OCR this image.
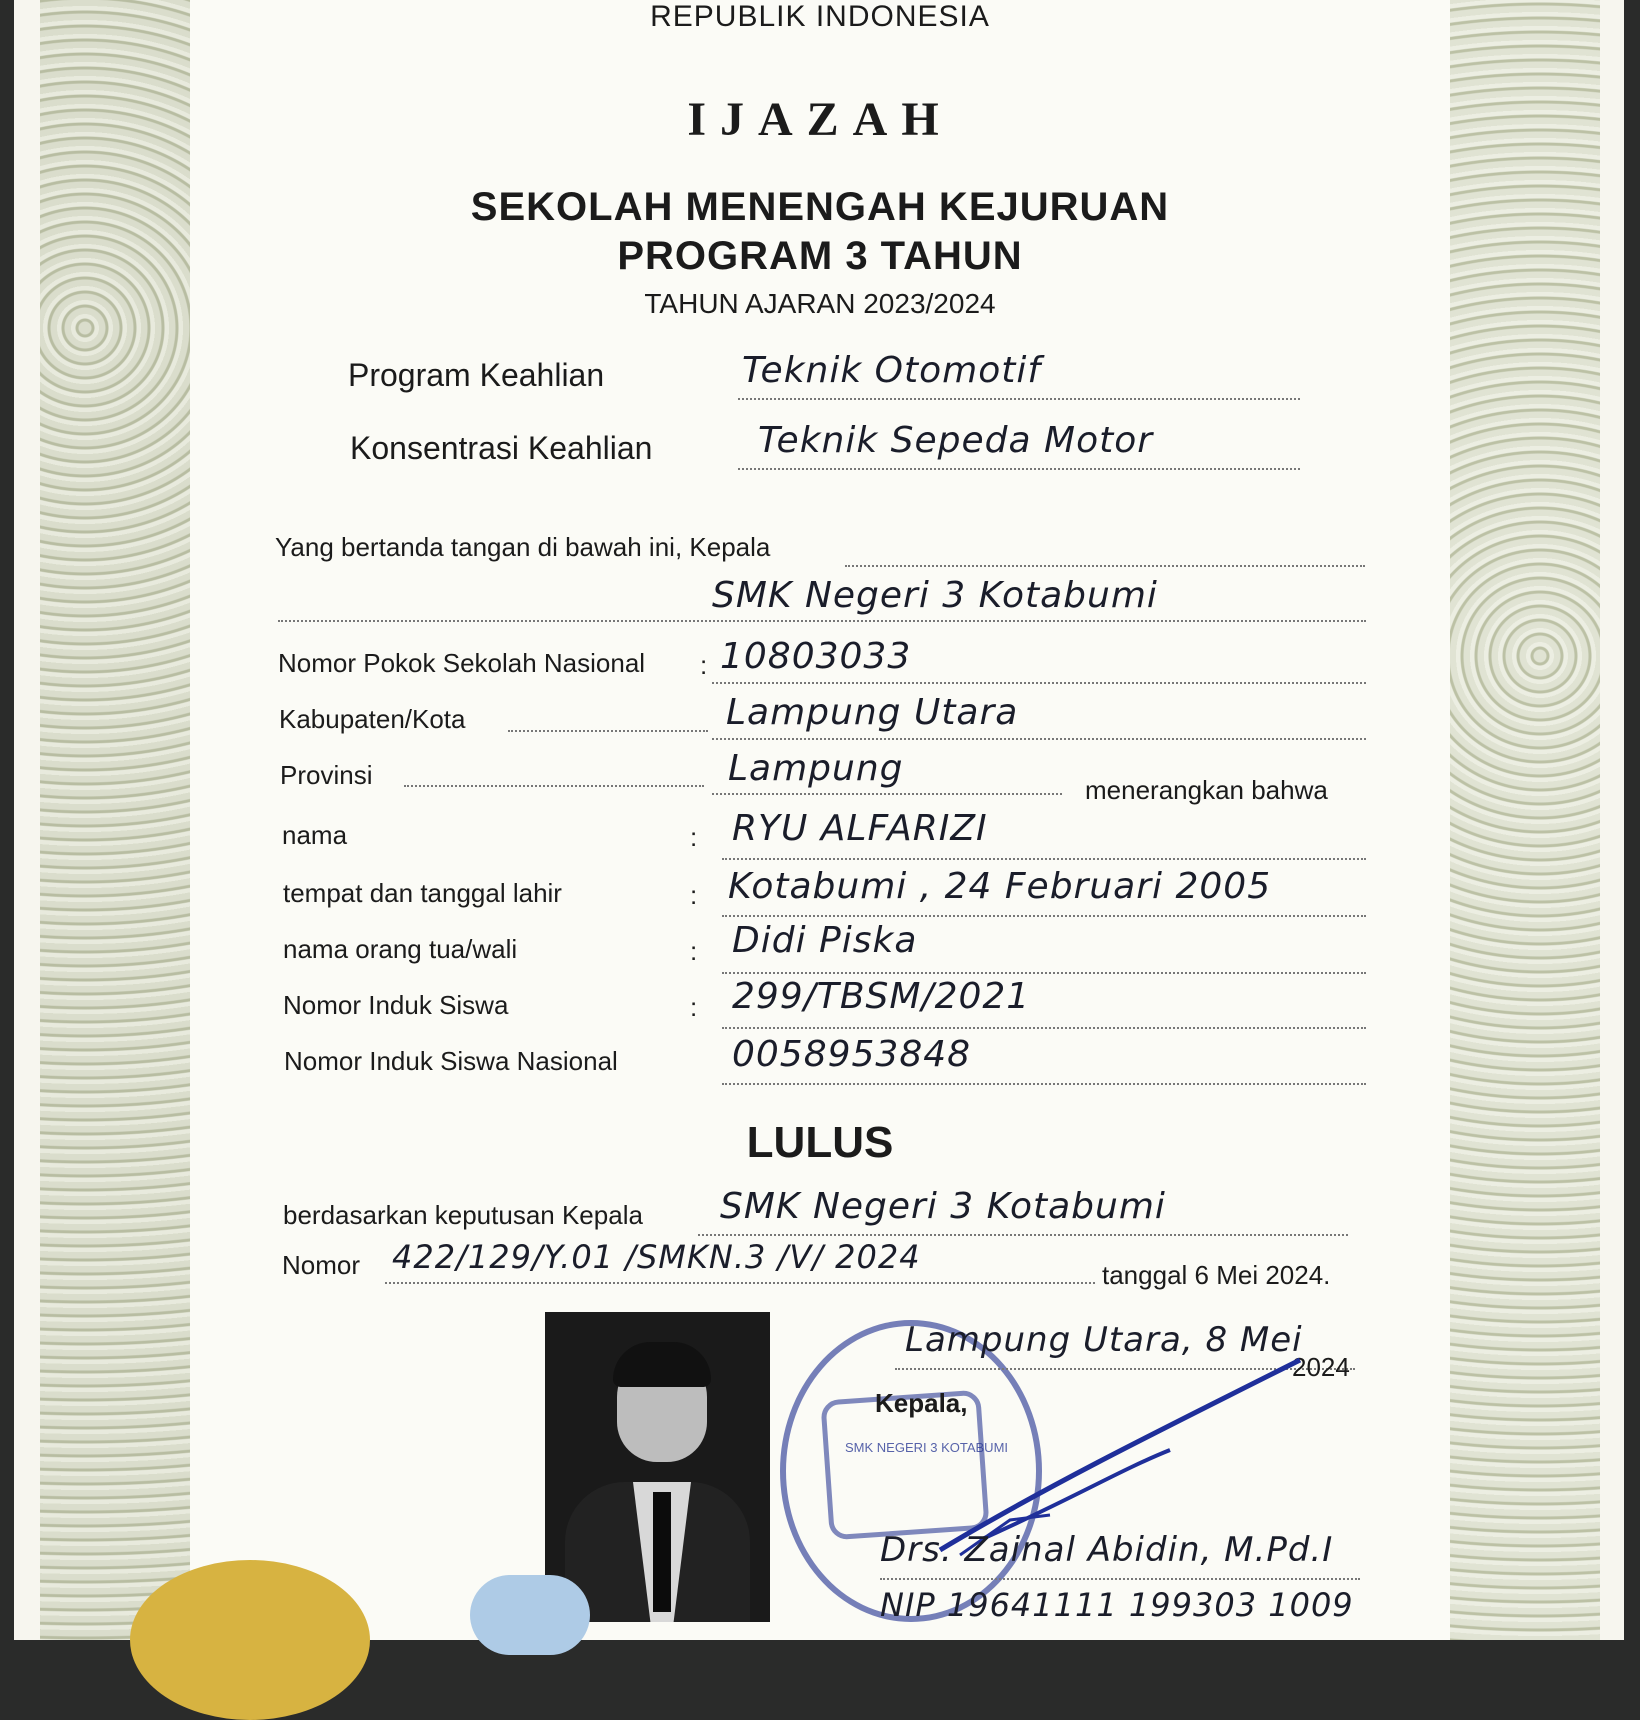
REPUBLIK INDONESIA
IJAZAH
SEKOLAH MENENGAH KEJURUAN
PROGRAM 3 TAHUN
TAHUN AJARAN 2023/2024
Program Keahlian	Teknik Otomotif
Konsentrasi Keahlian	Teknik Sepeda Motor
Yang bertanda tangan di bawah ini, Kepala
SMK Negeri 3 Kotabumi
Nomor Pokok Sekolah Nasional : 10803033
Kabupaten/Kota	Lampung Utara
Provinsi	Lampung
menerangkan bahwa
nama	: RYU ALFARIZI
tempat dan tanggal lahir	: Kotabumi , 24 Februari 2005
nama orang tua/wali	: Didi Piska
Nomor Induk Siswa	: 299/TBSM/2021
Nomor Induk Siswa Nasional	0058953848
LULUS
berdasarkan keputusan Kepala SMK Negeri 3 Kotabumi
Nomor 422/129/Y.01 /SMKN.3 /V/ 2024	tanggal 6 Mei 2024.
SMK NEGERI 3 KOTABUMI
Lampung Utara, 8 Mei
2024
Kepala,
Drs. Zainal Abidin, M.Pd.I
NIP 19641111 199303 1009
